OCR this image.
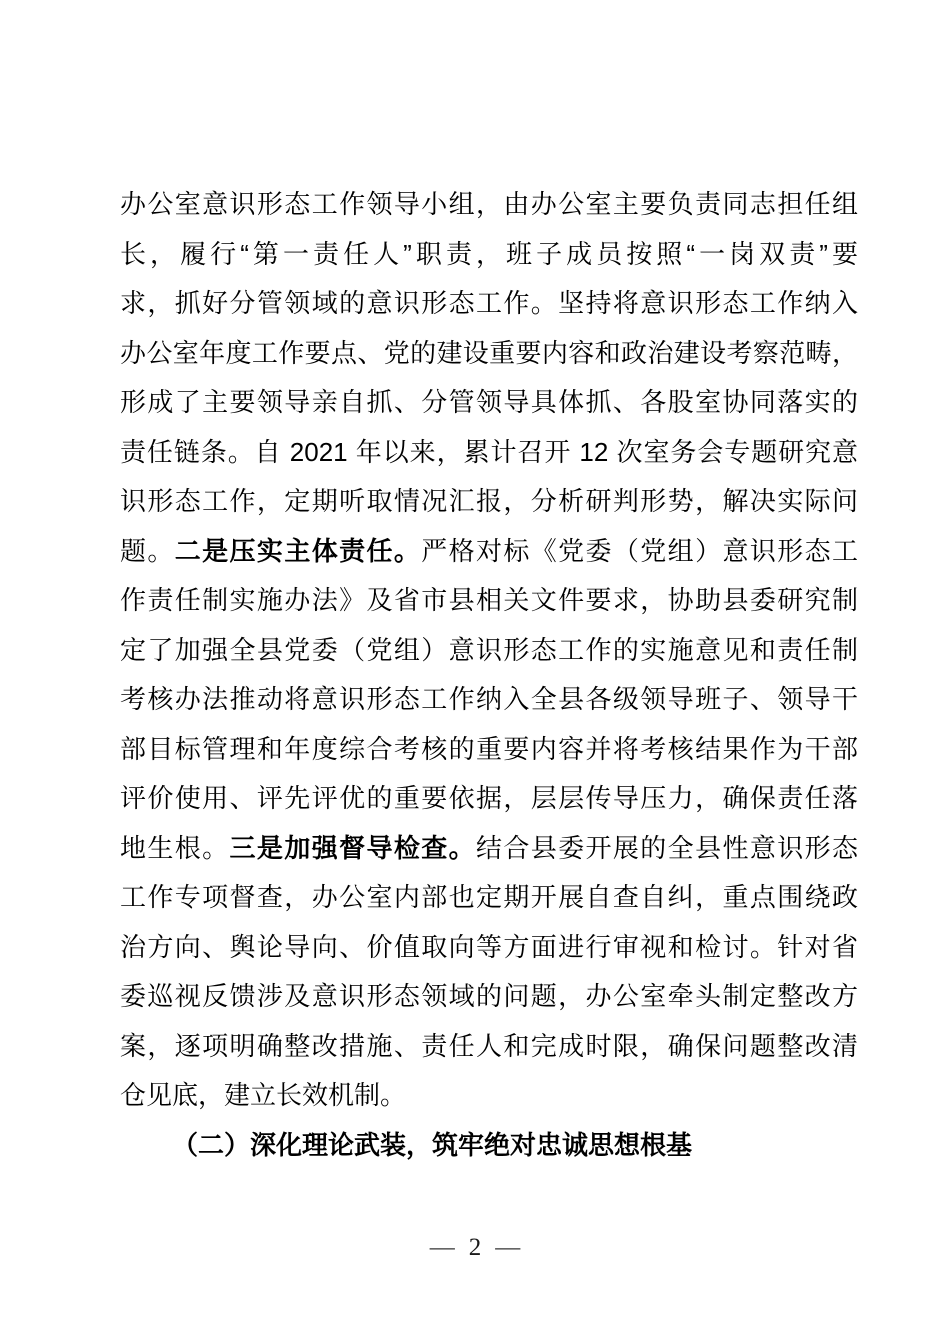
办公室意识形态工作领导小组，由办公室主要负责同志担任组
长，履行“第一责任人”职责，班子成员按照“一岗双责”要
求，抓好分管领域的意识形态工作。坚持将意识形态工作纳入
办公室年度工作要点、党的建设重要内容和政治建设考察范畴，
形成了主要领导亲自抓、分管领导具体抓、各股室协同落实的
责任链条。自 2021 年以来，累计召开 12 次室务会专题研究意
识形态工作，定期听取情况汇报，分析研判形势，解决实际问
题。二是压实主体责任。严格对标《党委（党组）意识形态工
作责任制实施办法》及省市县相关文件要求，协助县委研究制
定了加强全县党委（党组）意识形态工作的实施意见和责任制
考核办法推动将意识形态工作纳入全县各级领导班子、领导干
部目标管理和年度综合考核的重要内容并将考核结果作为干部
评价使用、评先评优的重要依据，层层传导压力，确保责任落
地生根。三是加强督导检查。结合县委开展的全县性意识形态
工作专项督查，办公室内部也定期开展自查自纠，重点围绕政
治方向、舆论导向、价值取向等方面进行审视和检讨。针对省
委巡视反馈涉及意识形态领域的问题，办公室牵头制定整改方
案，逐项明确整改措施、责任人和完成时限，确保问题整改清
仓见底，建立长效机制。
（二）深化理论武装，筑牢绝对忠诚思想根基
— 2 —
